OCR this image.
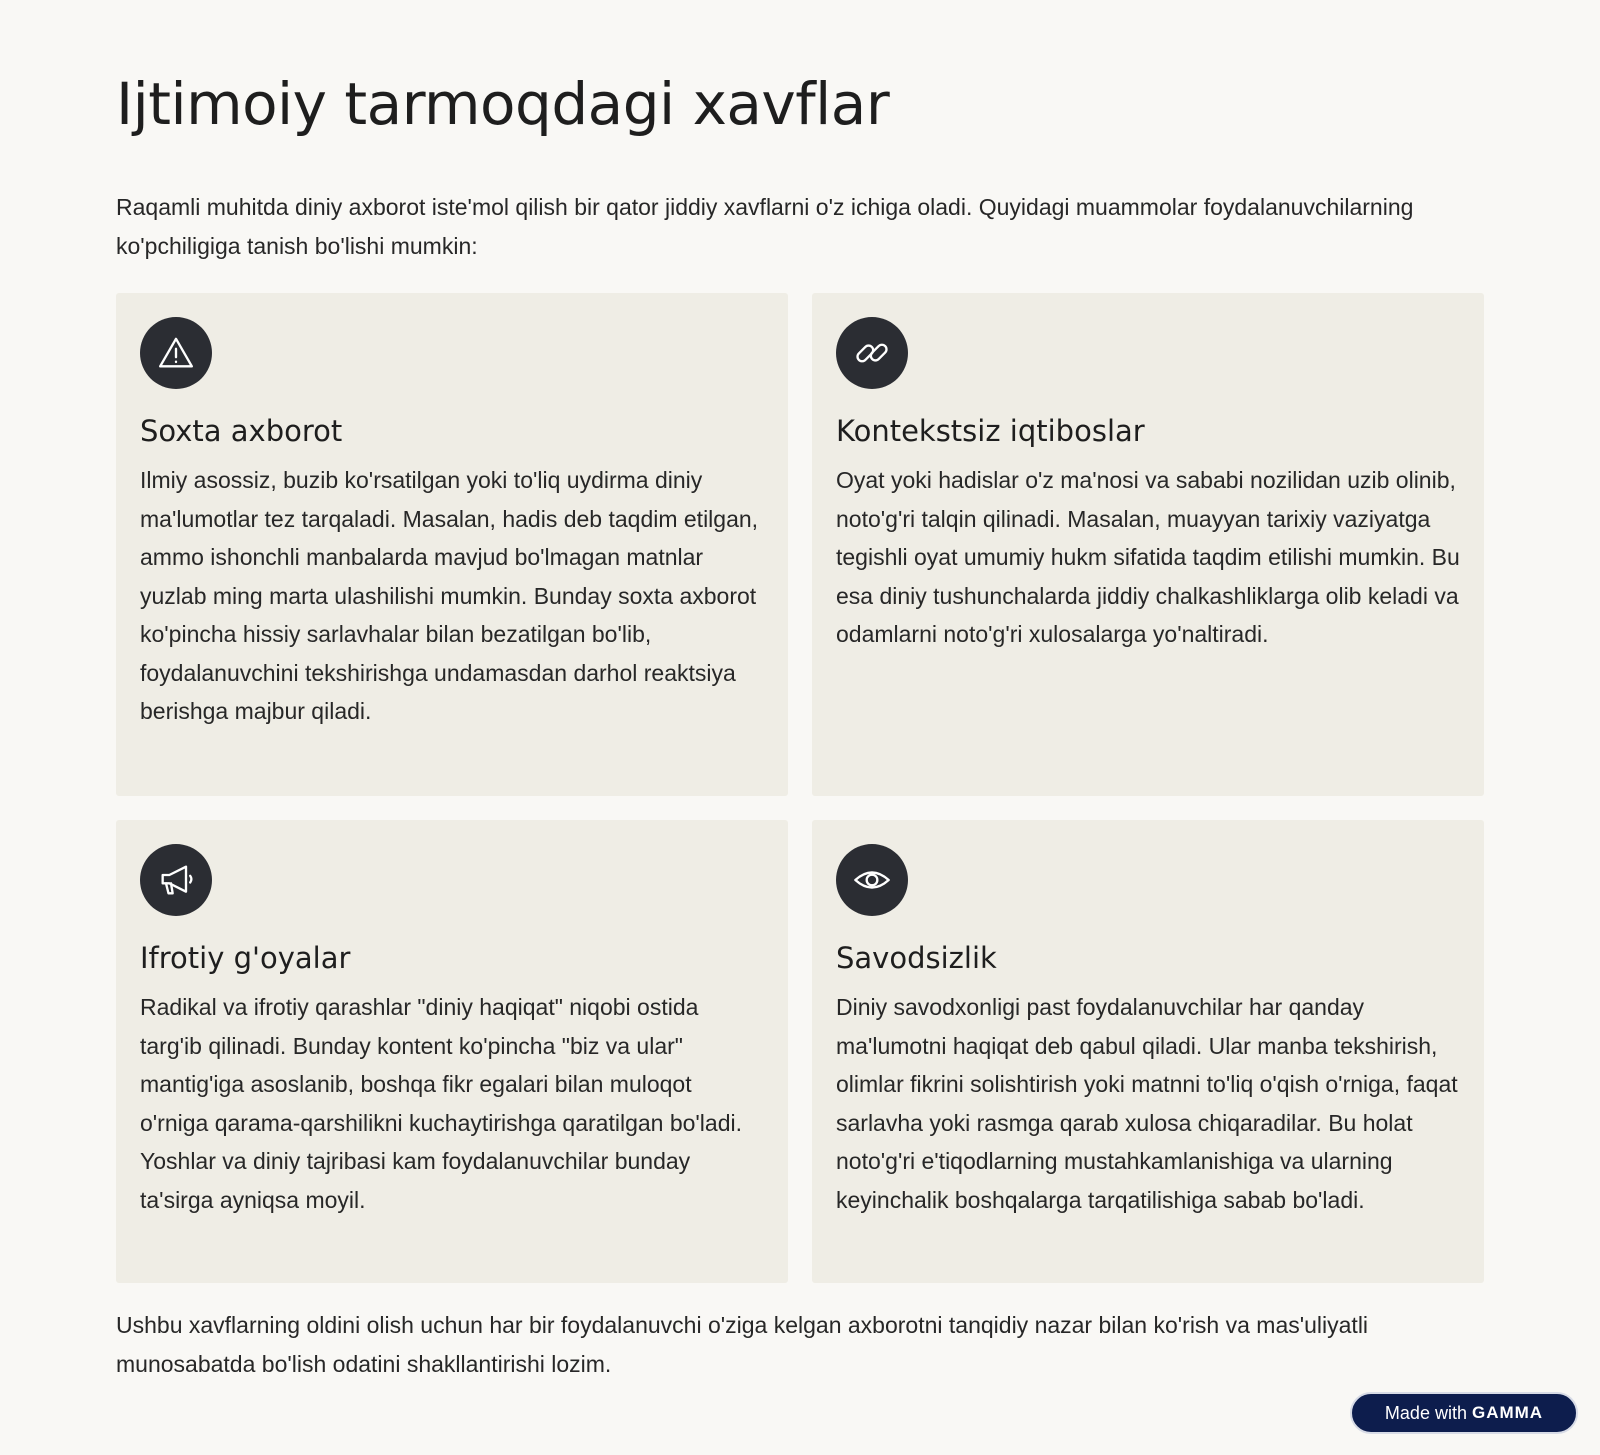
Ijtimoiy tarmoqdagi xavflar

Raqamli muhitda diniy axborot iste'mol qilish bir qator jiddiy xavflarni o'z ichiga oladi. Quyidagi muammolar foydalanuvchilarning ko'pchiligiga tanish bo'lishi mumkin:

Soxta axborot

Ilmiy asossiz, buzib ko'rsatilgan yoki to'liq uydirma diniy ma'lumotlar tez tarqaladi. Masalan, hadis deb taqdim etilgan, ammo ishonchli manbalarda mavjud bo'lmagan matnlar yuzlab ming marta ulashilishi mumkin. Bunday soxta axborot ko'pincha hissiy sarlavhalar bilan bezatilgan bo'lib, foydalanuvchini tekshirishga undamasdan darhol reaktsiya berishga majbur qiladi.

Kontekstsiz iqtiboslar

Oyat yoki hadislar o'z ma'nosi va sababi nozilidan uzib olinib, noto'g'ri talqin qilinadi. Masalan, muayyan tarixiy vaziyatga tegishli oyat umumiy hukm sifatida taqdim etilishi mumkin. Bu esa diniy tushunchalarda jiddiy chalkashliklarga olib keladi va odamlarni noto'g'ri xulosalarga yo'naltiradi.

Ifrotiy g'oyalar

Radikal va ifrotiy qarashlar "diniy haqiqat" niqobi ostida targ'ib qilinadi. Bunday kontent ko'pincha "biz va ular" mantig'iga asoslanib, boshqa fikr egalari bilan muloqot o'rniga qarama-qarshilikni kuchaytirishga qaratilgan bo'ladi. Yoshlar va diniy tajribasi kam foydalanuvchilar bunday ta'sirga ayniqsa moyil.

Savodsizlik

Diniy savodxonligi past foydalanuvchilar har qanday ma'lumotni haqiqat deb qabul qiladi. Ular manba tekshirish, olimlar fikrini solishtirish yoki matnni to'liq o'qish o'rniga, faqat sarlavha yoki rasmga qarab xulosa chiqaradilar. Bu holat noto'g'ri e'tiqodlarning mustahkamlanishiga va ularning keyinchalik boshqalarga tarqatilishiga sabab bo'ladi.

Ushbu xavflarning oldini olish uchun har bir foydalanuvchi o'ziga kelgan axborotni tanqidiy nazar bilan ko'rish va mas'uliyatli munosabatda bo'lish odatini shakllantirishi lozim.

Made with GAMMA
